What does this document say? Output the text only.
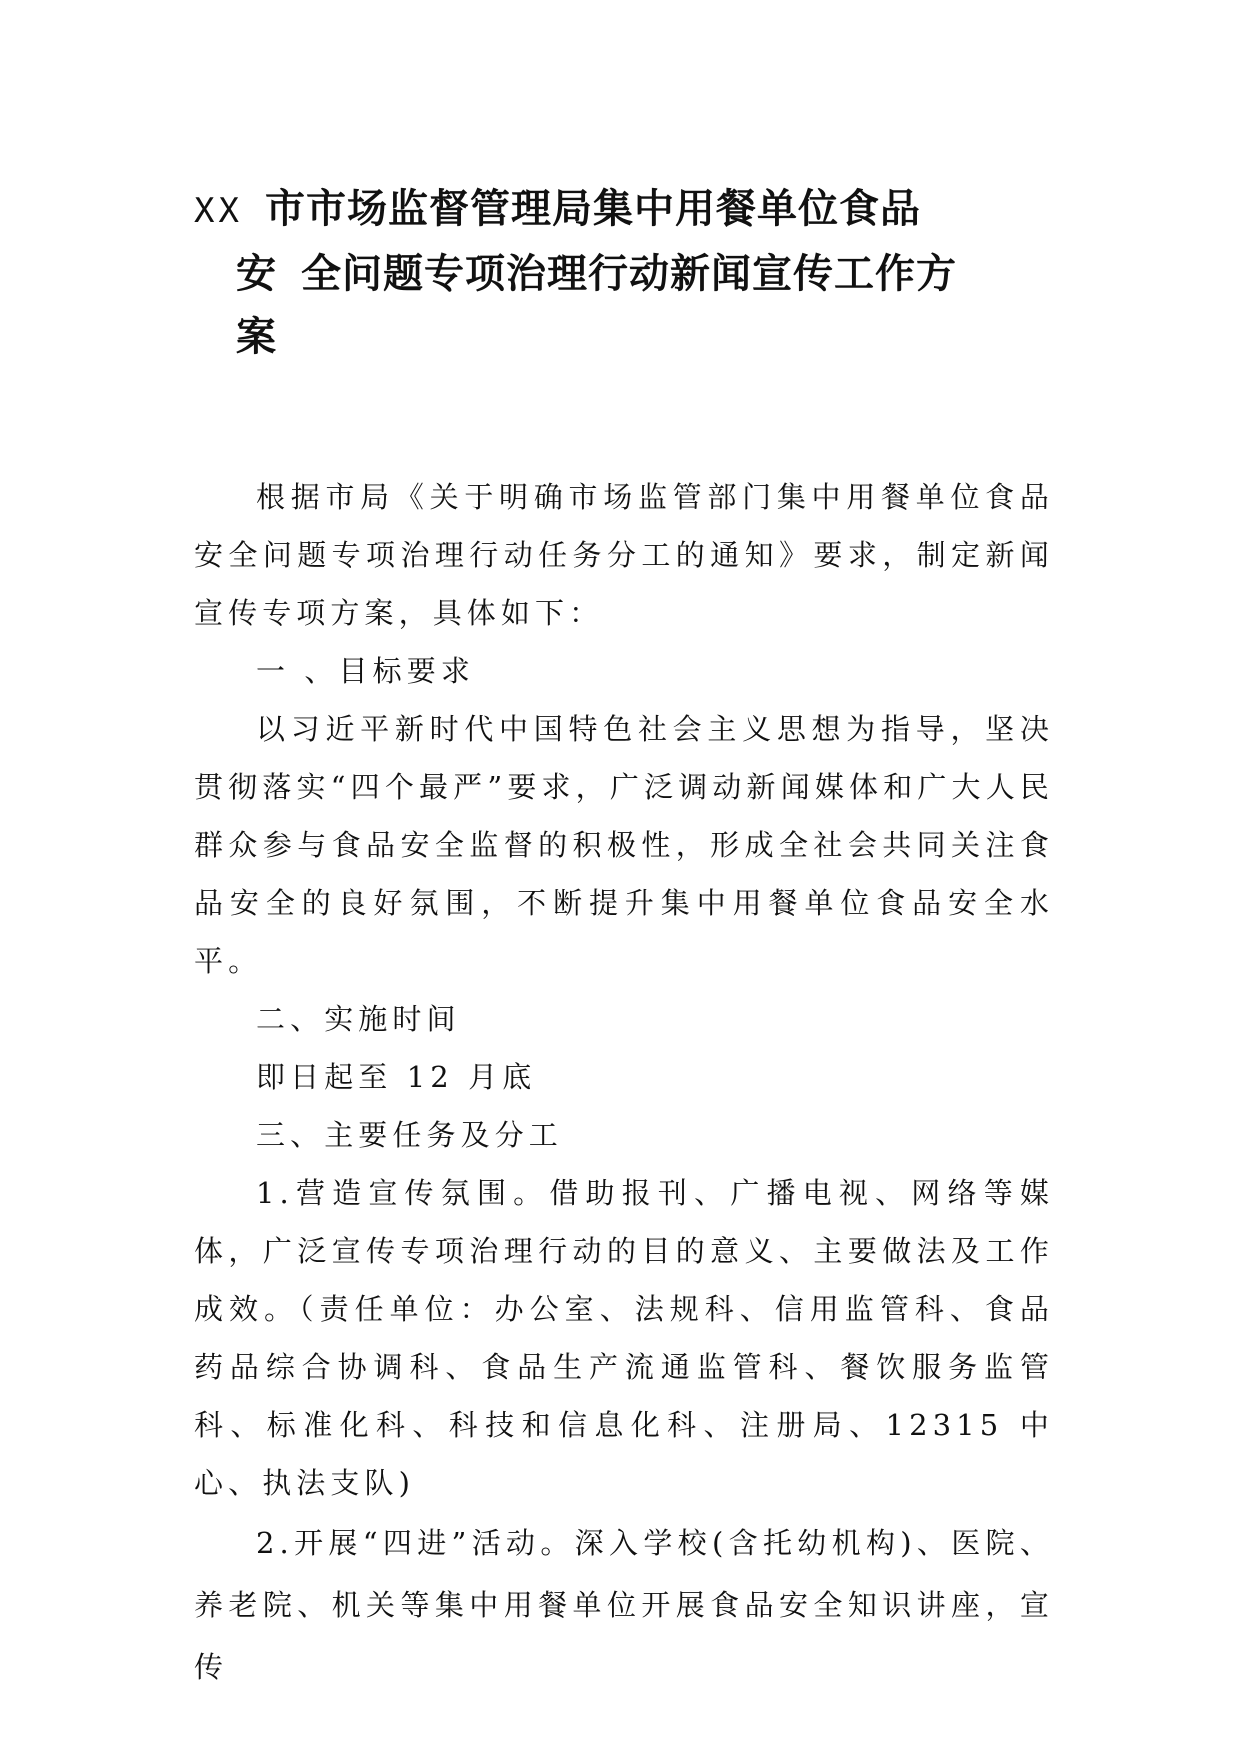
XX 市市场监督管理局集中用餐单位食品
安 全问题专项治理行动新闻宣传工作方
案

根据市局《关于明确市场监管部门集中用餐单位食品安全问题专项治理行动任务分工的通知》要求，制定新闻宣传专项方案，具体如下：

一 、目标要求

以习近平新时代中国特色社会主义思想为指导，坚决贯彻落实“四个最严”要求，广泛调动新闻媒体和广大人民群众参与食品安全监督的积极性，形成全社会共同关注食品安全的良好氛围，不断提升集中用餐单位食品安全水平。

二、实施时间

即日起至 12 月底

三、主要任务及分工

1.营造宣传氛围。借助报刊、广播电视、网络等媒体，广泛宣传专项治理行动的目的意义、主要做法及工作成效。（责任单位：办公室、法规科、信用监管科、食品药品综合协调科、食品生产流通监管科、餐饮服务监管科、标准化科、科技和信息化科、注册局、12315 中心、执法支队)

2.开展“四进”活动。深入学校(含托幼机构)、医院、养老院、机关等集中用餐单位开展食品安全知识讲座，宣传
